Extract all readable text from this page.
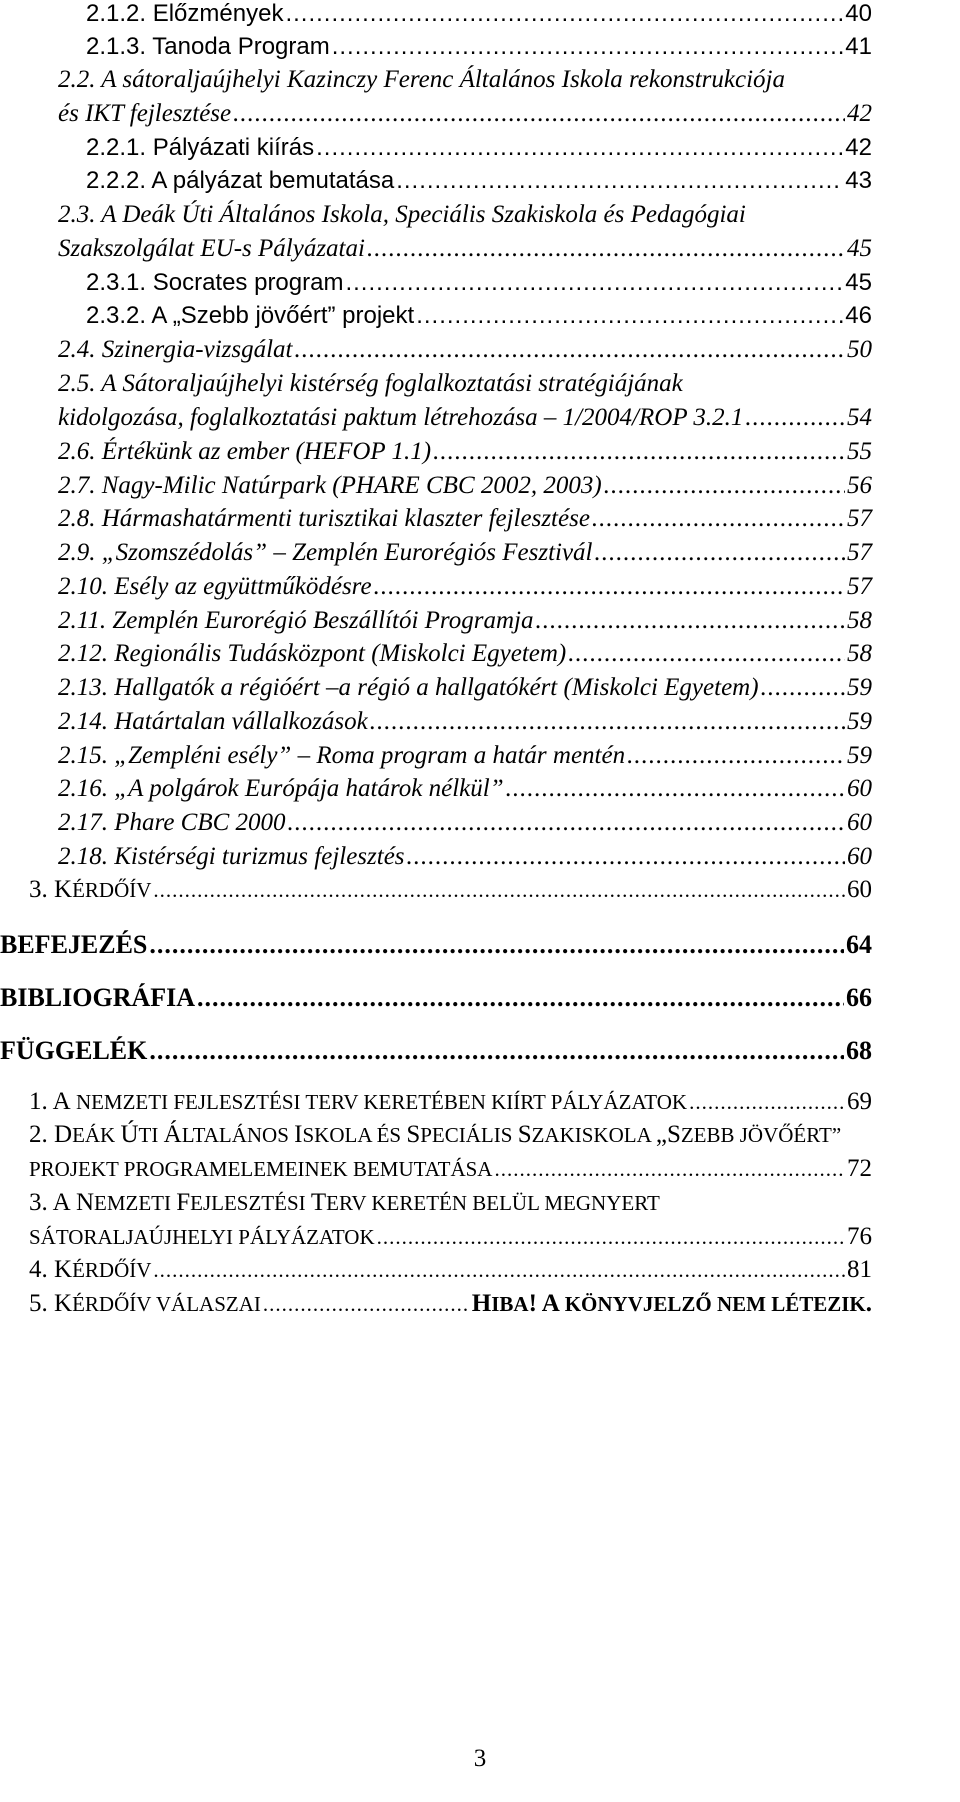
2.1.2. Előzmények .....	40
2.1.3. Tanoda Program .....	41
2.2. A sátoraljaújhelyi Kazinczy Ferenc Általános Iskola rekonstrukciója
és IKT fejlesztése .....	42
2.2.1. Pályázati kiírás .....	42
2.2.2. A pályázat bemutatása .....	43
2.3. A Deák Úti Általános Iskola, Speciális Szakiskola és Pedagógiai
Szakszolgálat EU-s Pályázatai .....	45
2.3.1. Socrates program .....	45
2.3.2. A „Szebb jövőért” projekt .....	46
2.4. Szinergia-vizsgálat .....	50
2.5. A Sátoraljaújhelyi kistérség foglalkoztatási stratégiájának
kidolgozása, foglalkoztatási paktum létrehozása – 1/2004/ROP 3.2.1 .....	54
2.6. Értékünk az ember (HEFOP 1.1) .....	55
2.7. Nagy-Milic Natúrpark (PHARE CBC 2002, 2003) .....	56
2.8. Hármashatármenti turisztikai klaszter fejlesztése .....	57
2.9. „Szomszédolás” – Zemplén Eurorégiós Fesztivál .....	57
2.10. Esély az együttműködésre .....	57
2.11. Zemplén Eurorégió Beszállítói Programja .....	58
2.12. Regionális Tudásközpont (Miskolci Egyetem) .....	58
2.13. Hallgatók a régióért –a régió a hallgatókért (Miskolci Egyetem) .....	59
2.14. Határtalan vállalkozások .....	59
2.15. „Zempléni esély” – Roma program a határ mentén .....	59
2.16. „A polgárok Európája határok nélkül” .....	60
2.17. Phare CBC 2000 .....	60
2.18. Kistérségi turizmus fejlesztés .....	60
3. KÉRDŐÍV .....	60
BEFEJEZÉS .....	64
BIBLIOGRÁFIA .....	66
FÜGGELÉK .....	68
1. A NEMZETI FEJLESZTÉSI TERV KERETÉBEN KIÍRT PÁLYÁZATOK .....	69
2. DEÁK ÚTI ÁLTALÁNOS ISKOLA ÉS SPECIÁLIS SZAKISKOLA „SZEBB JÖVŐÉRT”
PROJEKT PROGRAMELEMEINEK BEMUTATÁSA .....	72
3. A NEMZETI FEJLESZTÉSI TERV KERETÉN BELÜL MEGNYERT
SÁTORALJAÚJHELYI PÁLYÁZATOK .....	76
4. KÉRDŐÍV .....	81
5. KÉRDŐÍV VÁLASZAI .....	HIBA! A KÖNYVJELZŐ NEM LÉTEZIK.
3
